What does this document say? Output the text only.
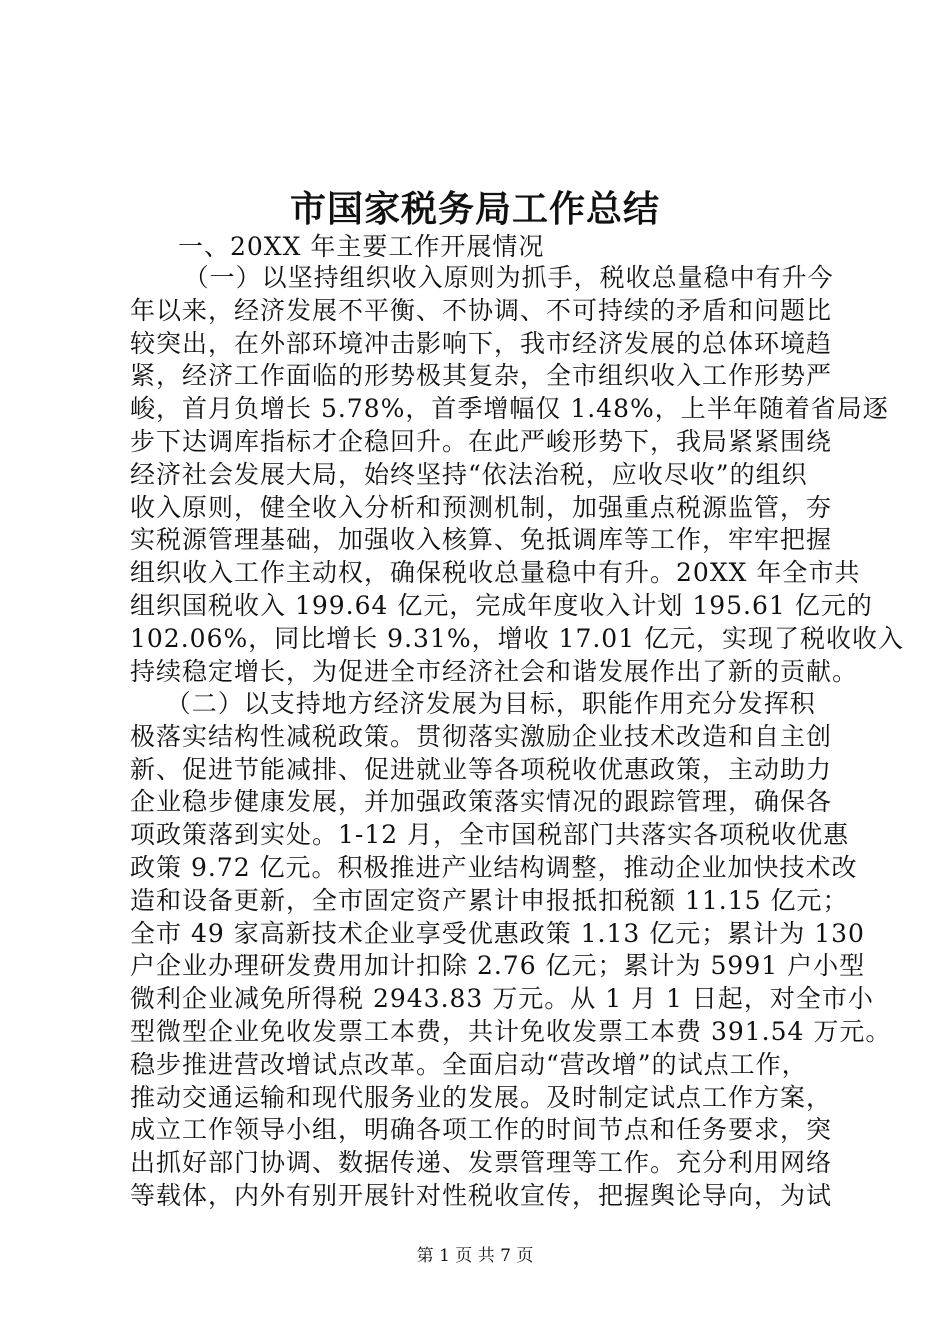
市国家税务局工作总结
一、20XX 年主要工作开展情况
（一）以坚持组织收入原则为抓手，税收总量稳中有升今
年以来，经济发展不平衡、不协调、不可持续的矛盾和问题比
较突出，在外部环境冲击影响下，我市经济发展的总体环境趋
紧，经济工作面临的形势极其复杂，全市组织收入工作形势严
峻，首月负增长 5.78%，首季增幅仅 1.48%，上半年随着省局逐
步下达调库指标才企稳回升。在此严峻形势下，我局紧紧围绕
经济社会发展大局，始终坚持“依法治税，应收尽收”的组织
收入原则，健全收入分析和预测机制，加强重点税源监管，夯
实税源管理基础，加强收入核算、免抵调库等工作，牢牢把握
组织收入工作主动权，确保税收总量稳中有升。20XX 年全市共
组织国税收入 199.64 亿元，完成年度收入计划 195.61 亿元的
102.06%，同比增长 9.31%，增收 17.01 亿元，实现了税收收入
持续稳定增长，为促进全市经济社会和谐发展作出了新的贡献。
（二）以支持地方经济发展为目标，职能作用充分发挥积
极落实结构性减税政策。贯彻落实激励企业技术改造和自主创
新、促进节能减排、促进就业等各项税收优惠政策，主动助力
企业稳步健康发展，并加强政策落实情况的跟踪管理，确保各
项政策落到实处。1-12 月，全市国税部门共落实各项税收优惠
政策 9.72 亿元。积极推进产业结构调整，推动企业加快技术改
造和设备更新，全市固定资产累计申报抵扣税额 11.15 亿元；
全市 49 家高新技术企业享受优惠政策 1.13 亿元；累计为 130
户企业办理研发费用加计扣除 2.76 亿元；累计为 5991 户小型
微利企业减免所得税 2943.83 万元。从 1 月 1 日起，对全市小
型微型企业免收发票工本费，共计免收发票工本费 391.54 万元。
稳步推进营改增试点改革。全面启动“营改增”的试点工作，
推动交通运输和现代服务业的发展。及时制定试点工作方案，
成立工作领导小组，明确各项工作的时间节点和任务要求，突
出抓好部门协调、数据传递、发票管理等工作。充分利用网络
等载体，内外有别开展针对性税收宣传，把握舆论导向，为试
第 1 页 共 7 页
